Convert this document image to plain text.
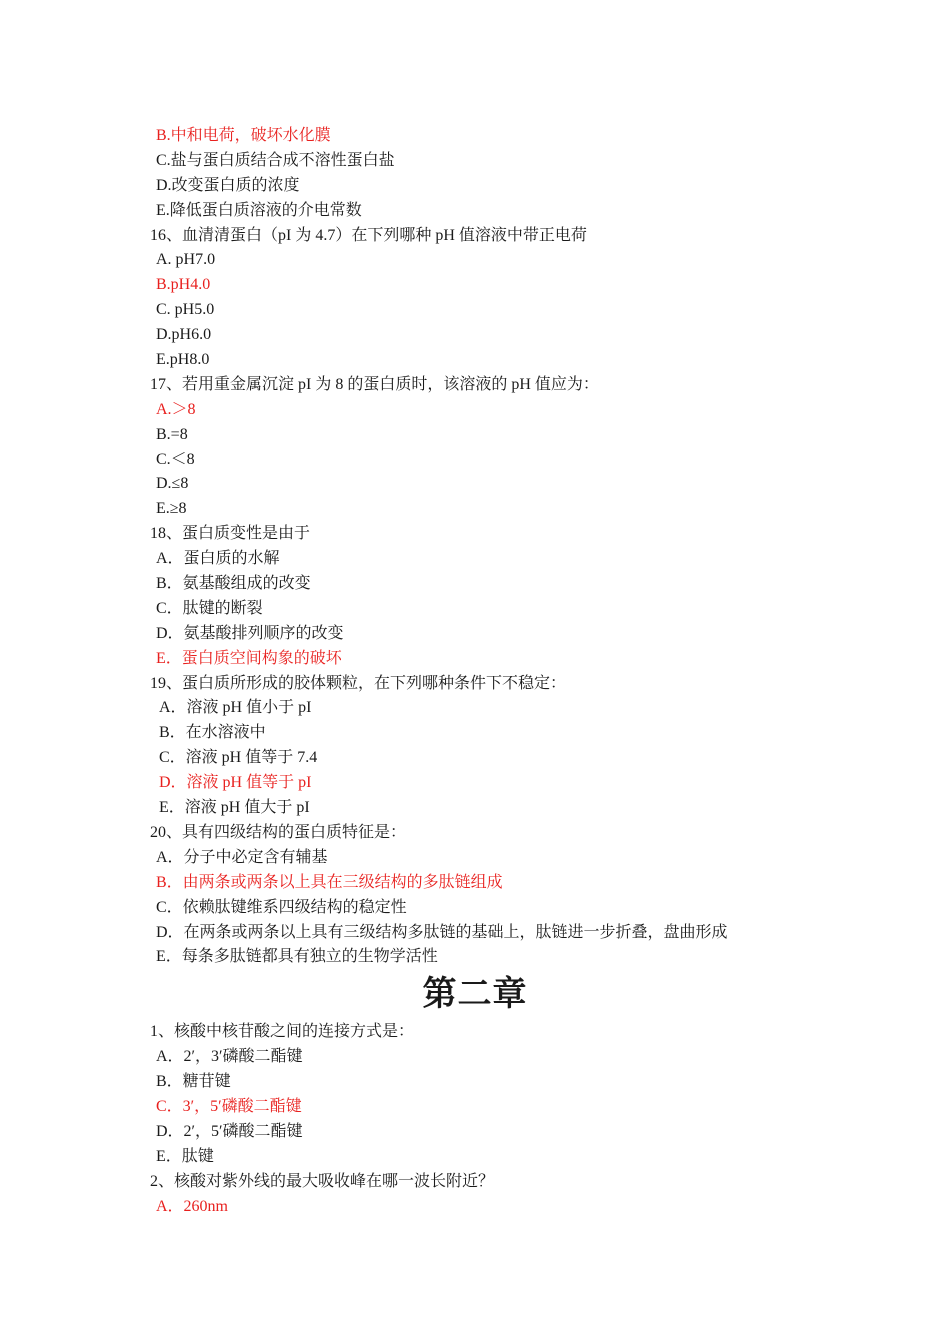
B.中和电荷，破坏水化膜
C.盐与蛋白质结合成不溶性蛋白盐
D.改变蛋白质的浓度
E.降低蛋白质溶液的介电常数
16、血清清蛋白（pI 为 4.7）在下列哪种 pH 值溶液中带正电荷
A. pH7.0
B.pH4.0
C. pH5.0
D.pH6.0
E.pH8.0
17、若用重金属沉淀 pI 为 8 的蛋白质时，该溶液的 pH 值应为：
A.＞8
B.=8
C.＜8
D.≤8
E.≥8
18、蛋白质变性是由于
A．蛋白质的水解
B．氨基酸组成的改变
C．肽键的断裂
D．氨基酸排列顺序的改变
E．蛋白质空间构象的破坏
19、蛋白质所形成的胶体颗粒，在下列哪种条件下不稳定：
A．溶液 pH 值小于 pI
B．在水溶液中
C．溶液 pH 值等于 7.4
D．溶液 pH 值等于 pI
E．溶液 pH 值大于 pI
20、具有四级结构的蛋白质特征是：
A．分子中必定含有辅基
B．由两条或两条以上具在三级结构的多肽链组成
C．依赖肽键维系四级结构的稳定性
D．在两条或两条以上具有三级结构多肽链的基础上，肽链进一步折叠，盘曲形成
E．每条多肽链都具有独立的生物学活性
第二章
1、核酸中核苷酸之间的连接方式是：
A．2′，3′磷酸二酯键
B．糖苷键
C．3′，5′磷酸二酯键
D．2′，5′磷酸二酯键
E．肽键
2、核酸对紫外线的最大吸收峰在哪一波长附近？
A．260nm
